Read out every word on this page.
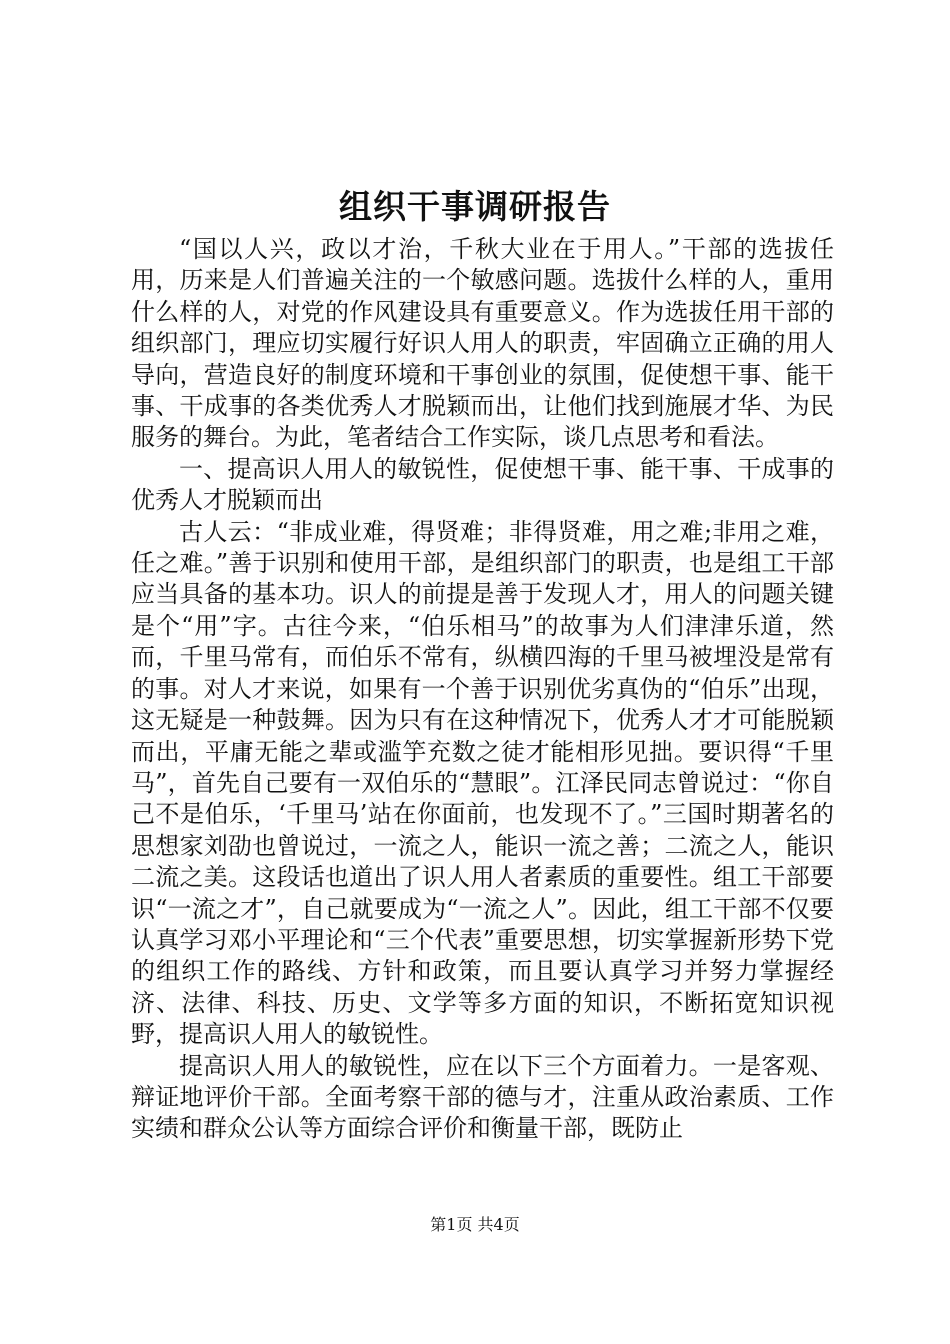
组织干事调研报告

“国以人兴，政以才治，千秋大业在于用人。”干部的选拔任用，历来是人们普遍关注的一个敏感问题。选拔什么样的人，重用什么样的人，对党的作风建设具有重要意义。作为选拔任用干部的组织部门，理应切实履行好识人用人的职责，牢固确立正确的用人导向，营造良好的制度环境和干事创业的氛围，促使想干事、能干事、干成事的各类优秀人才脱颖而出，让他们找到施展才华、为民服务的舞台。为此，笔者结合工作实际，谈几点思考和看法。

一、提高识人用人的敏锐性，促使想干事、能干事、干成事的优秀人才脱颖而出

古人云：“非成业难，得贤难；非得贤难，用之难;非用之难，任之难。”善于识别和使用干部，是组织部门的职责，也是组工干部应当具备的基本功。识人的前提是善于发现人才，用人的问题关键是个“用”字。古往今来，“伯乐相马”的故事为人们津津乐道，然而，千里马常有，而伯乐不常有，纵横四海的千里马被埋没是常有的事。对人才来说，如果有一个善于识别优劣真伪的“伯乐”出现，这无疑是一种鼓舞。因为只有在这种情况下，优秀人才才可能脱颖而出，平庸无能之辈或滥竽充数之徒才能相形见拙。要识得“千里马”，首先自己要有一双伯乐的“慧眼”。江泽民同志曾说过：“你自己不是伯乐，‘千里马’站在你面前，也发现不了。”三国时期著名的思想家刘劭也曾说过，一流之人，能识一流之善；二流之人，能识二流之美。这段话也道出了识人用人者素质的重要性。组工干部要识“一流之才”，自己就要成为“一流之人”。因此，组工干部不仅要认真学习邓小平理论和“三个代表”重要思想，切实掌握新形势下党的组织工作的路线、方针和政策，而且要认真学习并努力掌握经济、法律、科技、历史、文学等多方面的知识，不断拓宽知识视野，提高识人用人的敏锐性。

提高识人用人的敏锐性，应在以下三个方面着力。一是客观、辩证地评价干部。全面考察干部的德与才，注重从政治素质、工作实绩和群众公认等方面综合评价和衡量干部，既防止

第1页 共4页
